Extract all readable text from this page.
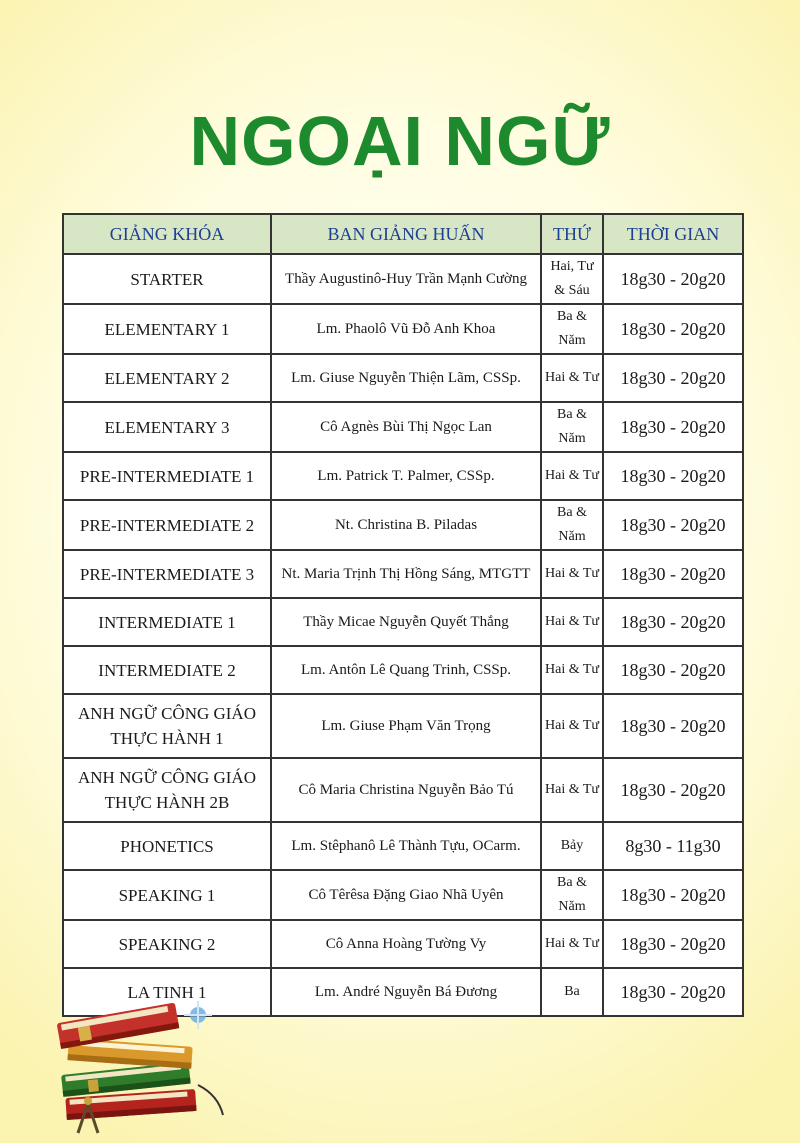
NGOẠI NGỮ
GIẢNG KHÓA	BAN GIẢNG HUẤN	THỨ	THỜI GIAN
STARTER	Thầy Augustinô-Huy Trần Mạnh Cường	Hai, Tư & Sáu	18g30 - 20g20
ELEMENTARY 1	Lm. Phaolô Vũ Đỗ Anh Khoa	Ba & Năm	18g30 - 20g20
ELEMENTARY 2	Lm. Giuse Nguyễn Thiện Lãm, CSSp.	Hai & Tư	18g30 - 20g20
ELEMENTARY 3	Cô Agnès Bùi Thị Ngọc Lan	Ba & Năm	18g30 - 20g20
PRE-INTERMEDIATE 1	Lm. Patrick T. Palmer, CSSp.	Hai & Tư	18g30 - 20g20
PRE-INTERMEDIATE 2	Nt. Christina B. Piladas	Ba & Năm	18g30 - 20g20
PRE-INTERMEDIATE 3	Nt. Maria Trịnh Thị Hồng Sáng, MTGTT	Hai & Tư	18g30 - 20g20
INTERMEDIATE 1	Thầy Micae Nguyễn Quyết Thắng	Hai & Tư	18g30 - 20g20
INTERMEDIATE 2	Lm. Antôn Lê Quang Trinh, CSSp.	Hai & Tư	18g30 - 20g20
ANH NGỮ CÔNG GIÁO THỰC HÀNH 1	Lm. Giuse Phạm Văn Trọng	Hai & Tư	18g30 - 20g20
ANH NGỮ CÔNG GIÁO THỰC HÀNH 2B	Cô Maria Christina Nguyễn Bảo Tú	Hai & Tư	18g30 - 20g20
PHONETICS	Lm. Stêphanô Lê Thành Tựu, OCarm.	Bảy	8g30 - 11g30
SPEAKING 1	Cô Têrêsa Đặng Giao Nhã Uyên	Ba & Năm	18g30 - 20g20
SPEAKING 2	Cô Anna Hoàng Tường Vy	Hai & Tư	18g30 - 20g20
LA TINH 1	Lm. André Nguyễn Bá Đương	Ba	18g30 - 20g20
